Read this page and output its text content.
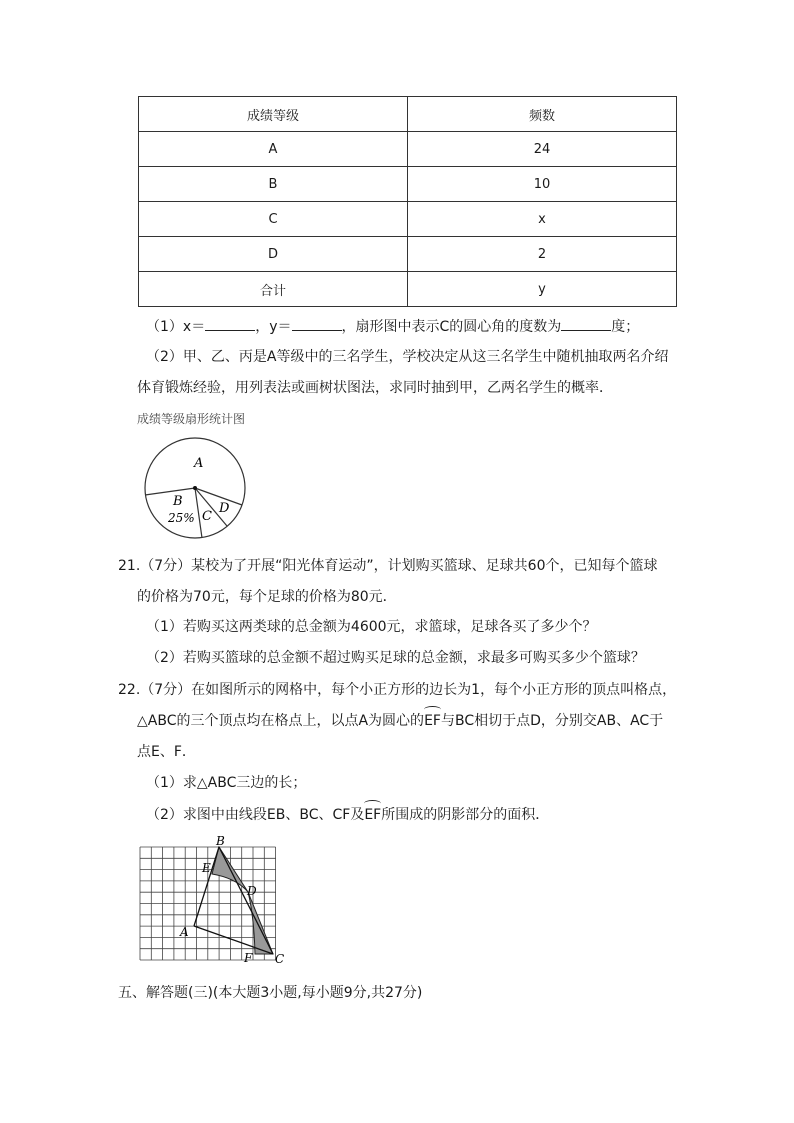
成绩等级	频数
A	24
B	10
C	x
D	2
合计	y
（1）x＝	，y＝	，扇形图中表示C的圆心角的度数为	度；
（2）甲、乙、丙是A等级中的三名学生，学校决定从这三名学生中随机抽取两名介绍
体育锻炼经验，用列表法或画树状图法，求同时抽到甲，乙两名学生的概率．
成绩等级扇形统计图
A
B
25% C
D
21.（7分）某校为了开展“阳光体育运动”，计划购买篮球、足球共60个，已知每个篮球
的价格为70元，每个足球的价格为80元．
（1）若购买这两类球的总金额为4600元，求篮球，足球各买了多少个？
（2）若购买篮球的总金额不超过购买足球的总金额，求最多可购买多少个篮球？
22.（7分）在如图所示的网格中，每个小正方形的边长为1，每个小正方形的顶点叫格点，
△ABC的三个顶点均在格点上，以点A为圆心的EF与BC相切于点D，分别交AB、AC于
点E、F．
（1）求△ABC三边的长；
（2）求图中由线段EB、BC、CF及EF所围成的阴影部分的面积．
B
E
D
A
F C
五、解答题(三)(本大题3小题,每小题9分,共27分)
